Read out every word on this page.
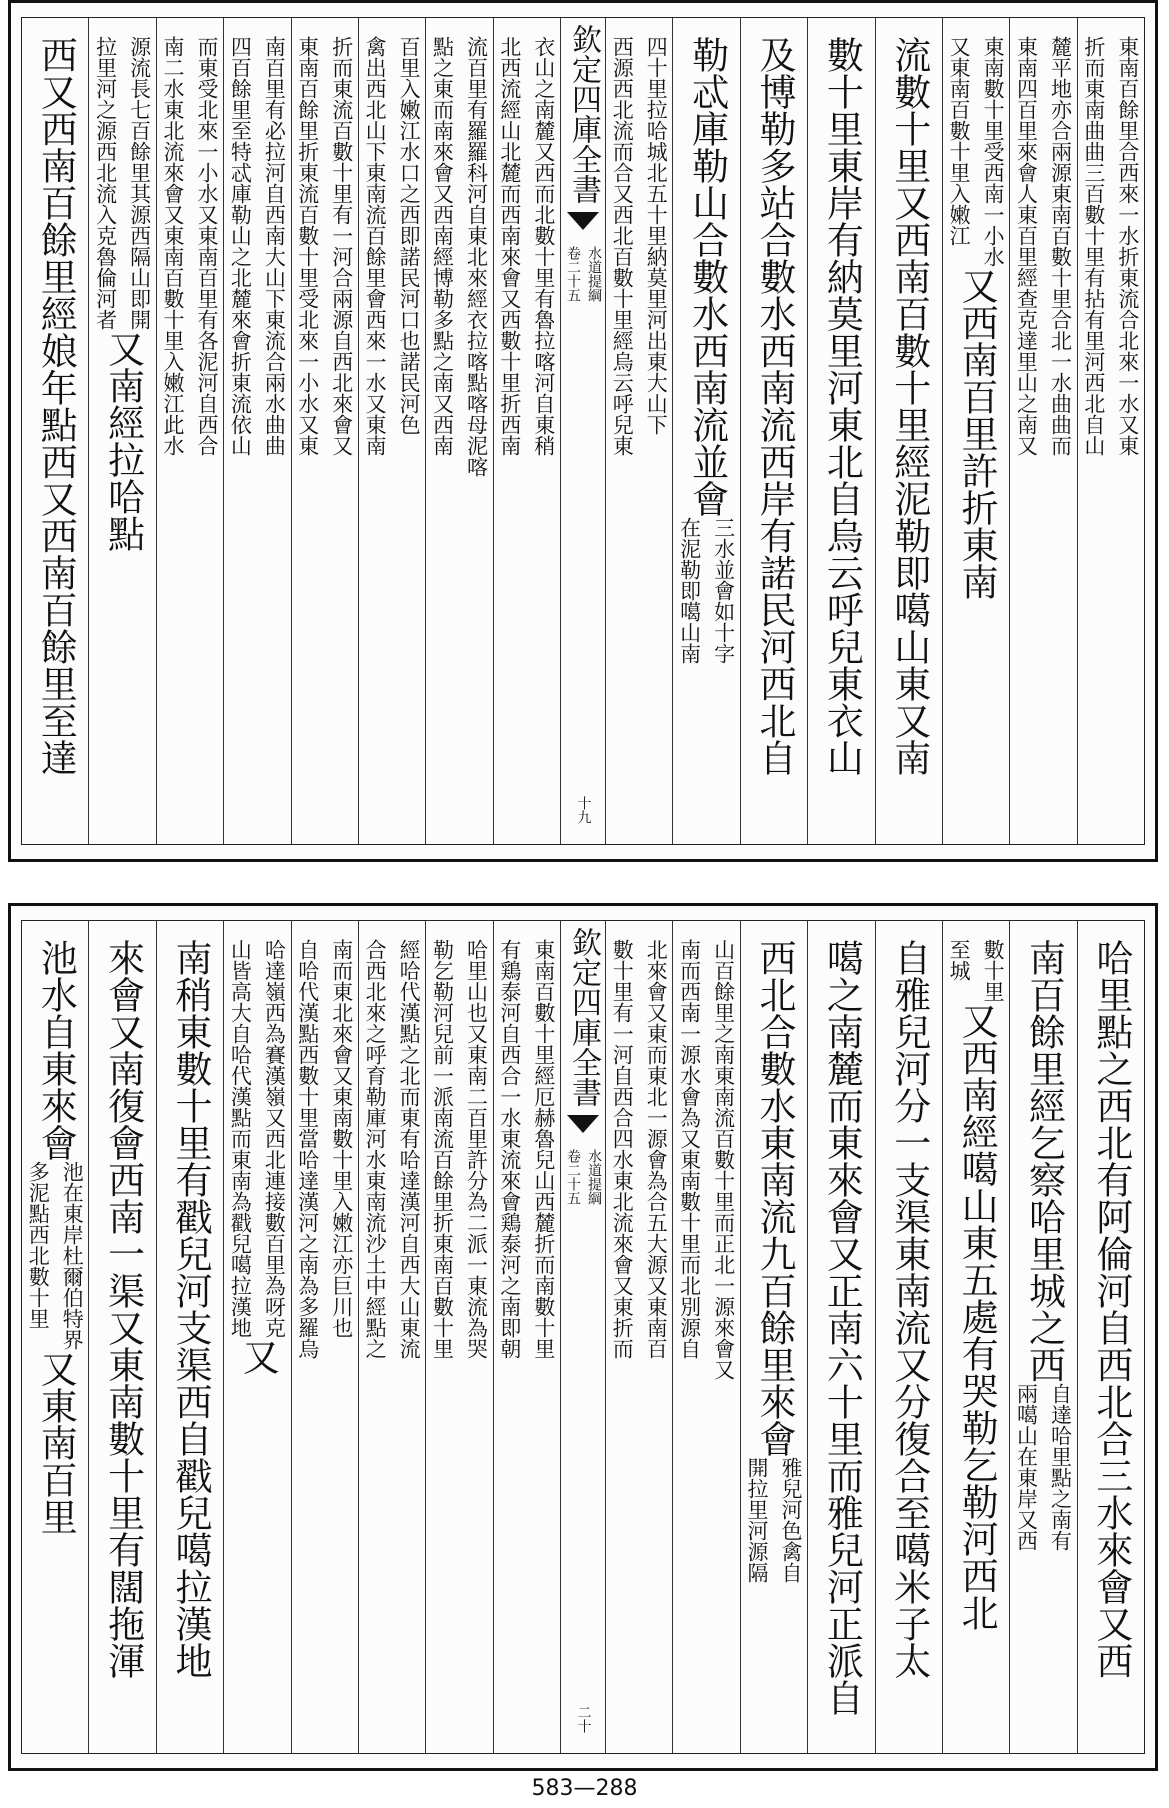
東南百餘里合西來一水折東流合北來一水又東
折而東南曲曲三百數十里有拈有里河西北自山
麓平地亦合兩源東南百數十里合北一水曲曲而
東南四百里來會人東百里經查克達里山之南又
東南數十里受西南一小水
又東南百數十里入嫩江
又西南百里許折東南
流數十里又西南百數十里經泥勒即噶山東又南
數十里東岸有納莫里河東北自烏云呼兒東衣山
及博勒多站合數水西南流西岸有諾民河西北自
勒忒庫勒山合數水西南流並會
三水並會如十字
在泥勒即噶山南
四十里拉哈城北五十里納莫里河出東大山下
西源西北流而合又西北百數十里經烏云呼兒東
欽定四庫全書
水道提綱
卷二十五
十九
衣山之南麓又西而北數十里有魯拉喀河自東稍
北西流經山北麓而西南來會又西數十里折西南
流百里有羅羅科河自東北來經衣拉喀點喀母泥喀
點之東而南來會又西南經博勒多點之南又西南
百里入嫩江水口之西即諾民河口也諾民河色
禽出西北山下東南流百餘里會西來一水又東南
折而東流百數十里有一河合兩源自西北來會又
東南百餘里折東流百數十里受北來一小水又東
南百里有必拉河自西南大山下東流合兩水曲曲
四百餘里至特忒庫勒山之北麓來會折東流依山
而東受北來一小水又東南百里有各泥河自西合
南二水東北流來會又東南百數十里入嫩江此水
源流長七百餘里其源西隔山即開
拉里河之源西北流入克魯倫河者
又南經拉哈點
西又西南百餘里經娘年點西又西南百餘里至達
哈里點之西北有阿倫河自西北合三水來會又西
南百餘里經乞察哈里城之西
自達哈里點之南有
兩噶山在東岸又西
數十里
至城
又西南經噶山東五處有哭勒乞勒河西北
自雅兒河分一支渠東南流又分復合至噶米子太
噶之南麓而東來會又正南六十里而雅兒河正派自
西北合數水東南流九百餘里來會
雅兒河色禽自
開拉里河源隔
山百餘里之南東南流百數十里而正北一源來會又
南而西南一源水會為又東南數十里而北別源自
北來會又東而東北一源會為合五大源又東南百
數十里有一河自西合四水東北流來會又東折而
欽定四庫全書
水道提綱
卷二十五
二十
東南百數十里經厄赫魯兒山西麓折而南數十里
有鶏泰河自西合一水東流來會鶏泰河之南即朝
哈里山也又東南二百里許分為二派一東流為哭
勒乞勒河兒前一派南流百餘里折東南百數十里
經哈代漢點之北而東有哈達漢河自西大山東流
合西北來之呼育勒庫河水東南流沙土中經點之
南而東北來會又東南數十里入嫩江亦巨川也
自哈代漢點西數十里當哈達漢河之南為多羅烏
哈達嶺西為賽漢嶺又西北連接數百里為呀克
山皆高大自哈代漢點而東南為戳兒噶拉漢地
又
南稍東數十里有戳兒河支渠西自戳兒噶拉漢地
來會又南復會西南一渠又東南數十里有闊拖渾
池水自東來會
池在東岸杜爾伯特界
多泥點西北數十里
又東南百里
583—288
